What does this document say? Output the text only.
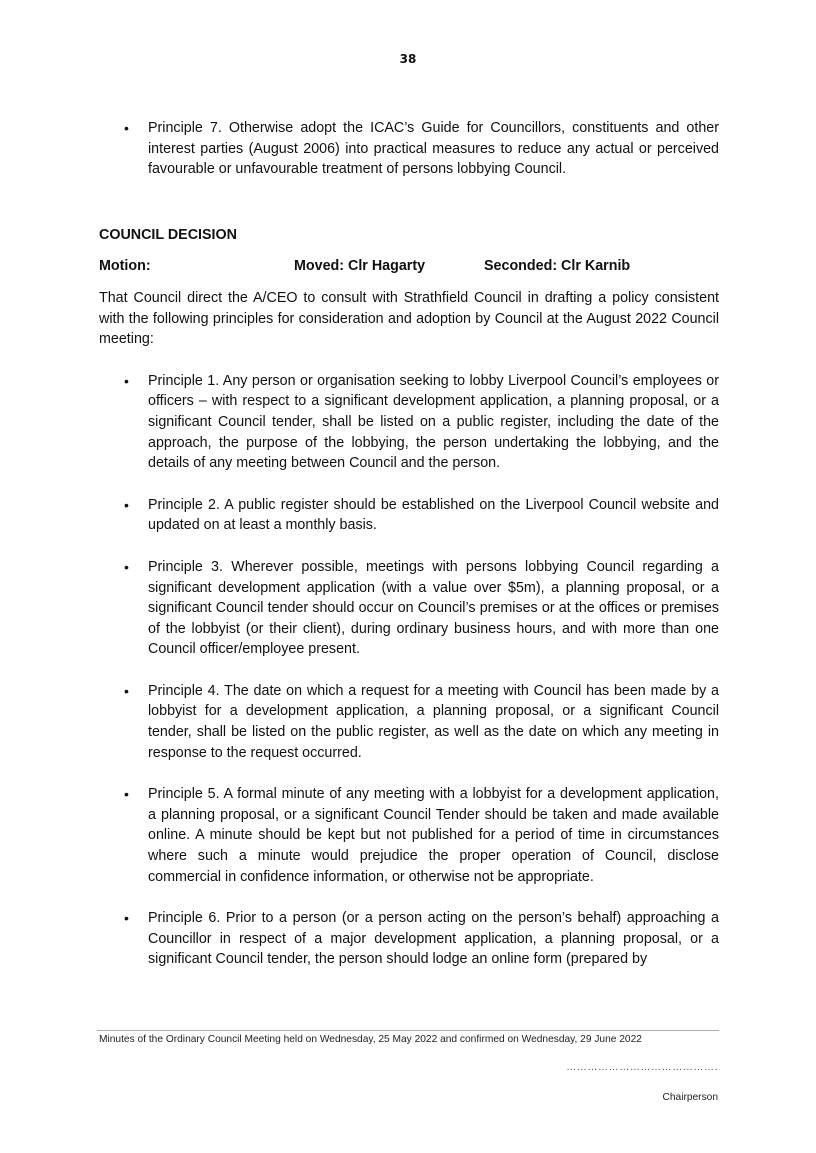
38
• Principle 7. Otherwise adopt the ICAC’s Guide for Councillors, constituents and other interest parties (August 2006) into practical measures to reduce any actual or perceived favourable or unfavourable treatment of persons lobbying Council.
COUNCIL DECISION
Motion:	Moved: Clr Hagarty	Seconded: Clr Karnib
That Council direct the A/CEO to consult with Strathfield Council in drafting a policy consistent with the following principles for consideration and adoption by Council at the August 2022 Council meeting:
• Principle 1. Any person or organisation seeking to lobby Liverpool Council’s employees or officers – with respect to a significant development application, a planning proposal, or a significant Council tender, shall be listed on a public register, including the date of the approach, the purpose of the lobbying, the person undertaking the lobbying, and the details of any meeting between Council and the person.
• Principle 2. A public register should be established on the Liverpool Council website and updated on at least a monthly basis.
• Principle 3. Wherever possible, meetings with persons lobbying Council regarding a significant development application (with a value over $5m), a planning proposal, or a significant Council tender should occur on Council’s premises or at the offices or premises of the lobbyist (or their client), during ordinary business hours, and with more than one Council officer/employee present.
• Principle 4. The date on which a request for a meeting with Council has been made by a lobbyist for a development application, a planning proposal, or a significant Council tender, shall be listed on the public register, as well as the date on which any meeting in response to the request occurred.
• Principle 5. A formal minute of any meeting with a lobbyist for a development application, a planning proposal, or a significant Council Tender should be taken and made available online. A minute should be kept but not published for a period of time in circumstances where such a minute would prejudice the proper operation of Council, disclose commercial in confidence information, or otherwise not be appropriate.
• Principle 6. Prior to a person (or a person acting on the person’s behalf) approaching a Councillor in respect of a major development application, a planning proposal, or a significant Council tender, the person should lodge an online form (prepared by
Minutes of the Ordinary Council Meeting held on Wednesday, 25 May 2022 and confirmed on Wednesday, 29 June 2022
…………………………………….
Chairperson
